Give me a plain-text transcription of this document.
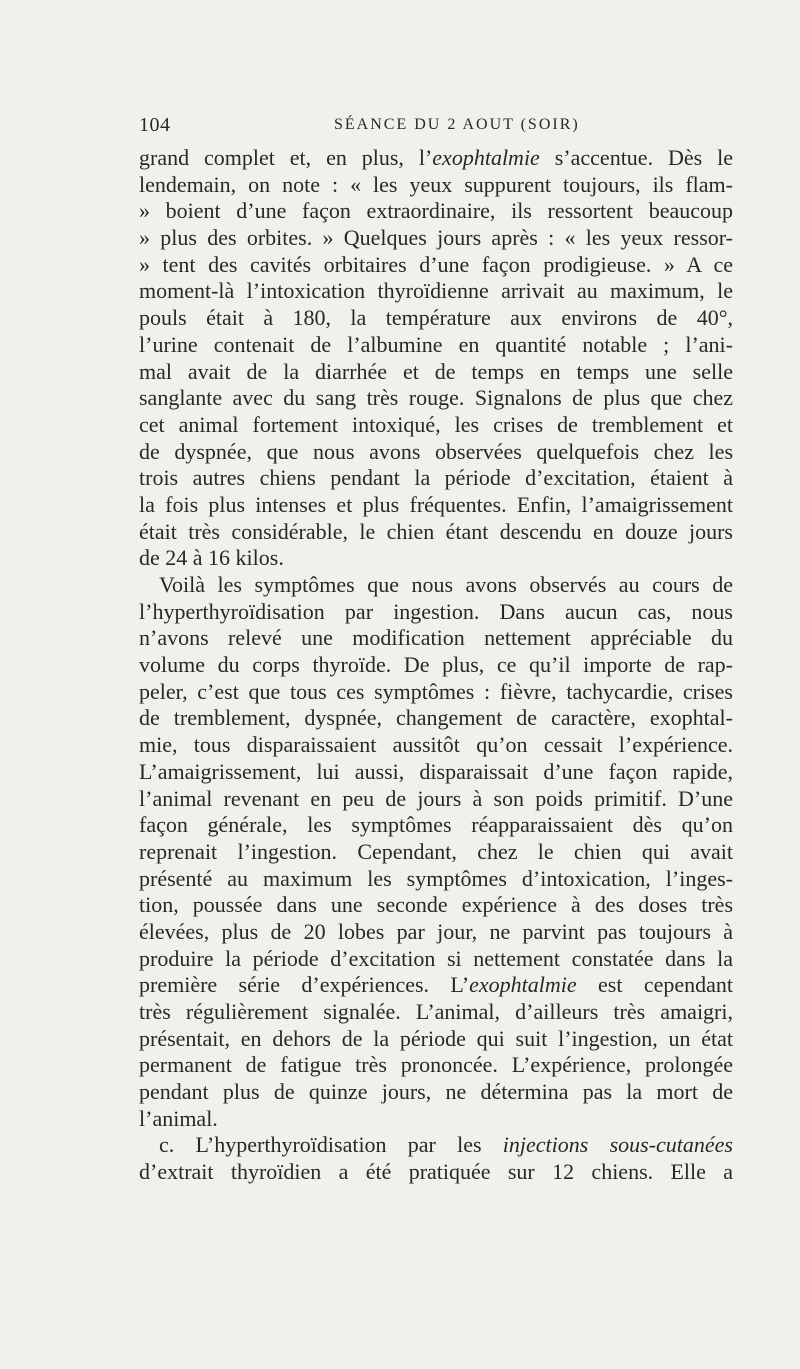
104	SÉANCE DU 2 AOUT (SOIR)
grand complet et, en plus, l’exophtalmie s’accentue. Dès le
lendemain, on note : « les yeux suppurent toujours, ils flam-
» boient d’une façon extraordinaire, ils ressortent beaucoup
» plus des orbites. » Quelques jours après : « les yeux ressor-
» tent des cavités orbitaires d’une façon prodigieuse. » A ce
moment-là l’intoxication thyroïdienne arrivait au maximum, le
pouls était à 180, la température aux environs de 40°,
l’urine contenait de l’albumine en quantité notable ; l’ani-
mal avait de la diarrhée et de temps en temps une selle
sanglante avec du sang très rouge. Signalons de plus que chez
cet animal fortement intoxiqué, les crises de tremblement et
de dyspnée, que nous avons observées quelquefois chez les
trois autres chiens pendant la période d’excitation, étaient à
la fois plus intenses et plus fréquentes. Enfin, l’amaigrissement
était très considérable, le chien étant descendu en douze jours
de 24 à 16 kilos.
Voilà les symptômes que nous avons observés au cours de
l’hyperthyroïdisation par ingestion. Dans aucun cas, nous
n’avons relevé une modification nettement appréciable du
volume du corps thyroïde. De plus, ce qu’il importe de rap-
peler, c’est que tous ces symptômes : fièvre, tachycardie, crises
de tremblement, dyspnée, changement de caractère, exophtal-
mie, tous disparaissaient aussitôt qu’on cessait l’expérience.
L’amaigrissement, lui aussi, disparaissait d’une façon rapide,
l’animal revenant en peu de jours à son poids primitif. D’une
façon générale, les symptômes réapparaissaient dès qu’on
reprenait l’ingestion. Cependant, chez le chien qui avait
présenté au maximum les symptômes d’intoxication, l’inges-
tion, poussée dans une seconde expérience à des doses très
élevées, plus de 20 lobes par jour, ne parvint pas toujours à
produire la période d’excitation si nettement constatée dans la
première série d’expériences. L’exophtalmie est cependant
très régulièrement signalée. L’animal, d’ailleurs très amaigri,
présentait, en dehors de la période qui suit l’ingestion, un état
permanent de fatigue très prononcée. L’expérience, prolongée
pendant plus de quinze jours, ne détermina pas la mort de
l’animal.
c. L’hyperthyroïdisation par les injections sous-cutanées
d’extrait thyroïdien a été pratiquée sur 12 chiens. Elle a
